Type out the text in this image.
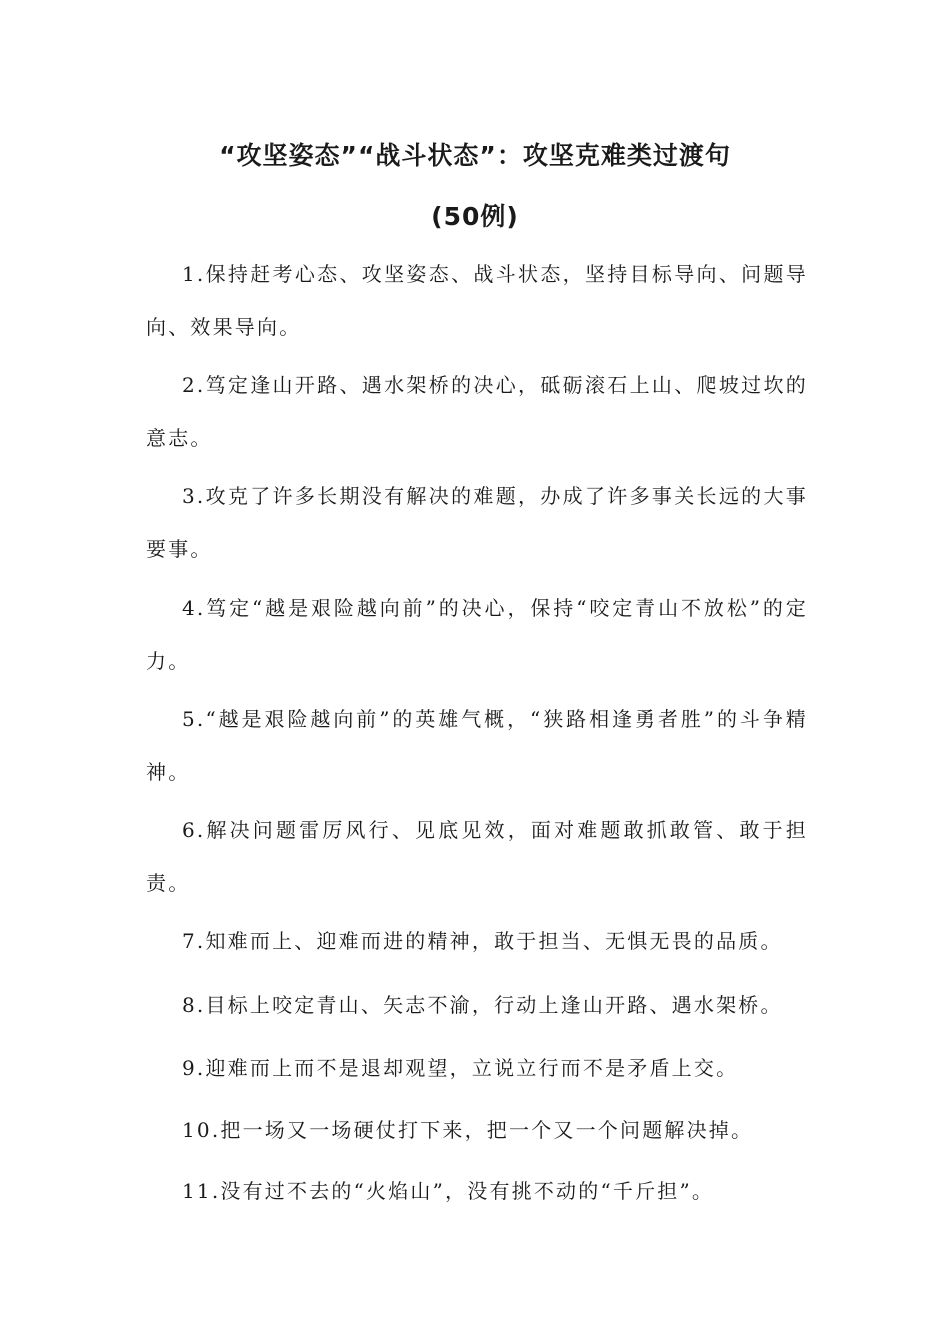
“攻坚姿态”“战斗状态”：攻坚克难类过渡句
(50例)

1.保持赶考心态、攻坚姿态、战斗状态，坚持目标导向、问题导向、效果导向。

2.笃定逢山开路、遇水架桥的决心，砥砺滚石上山、爬坡过坎的意志。

3.攻克了许多长期没有解决的难题，办成了许多事关长远的大事要事。

4.笃定“越是艰险越向前”的决心，保持“咬定青山不放松”的定力。

5.“越是艰险越向前”的英雄气概，“狭路相逢勇者胜”的斗争精神。

6.解决问题雷厉风行、见底见效，面对难题敢抓敢管、敢于担责。

7.知难而上、迎难而进的精神，敢于担当、无惧无畏的品质。

8.目标上咬定青山、矢志不渝，行动上逢山开路、遇水架桥。

9.迎难而上而不是退却观望，立说立行而不是矛盾上交。

10.把一场又一场硬仗打下来，把一个又一个问题解决掉。

11.没有过不去的“火焰山”，没有挑不动的“千斤担”。
